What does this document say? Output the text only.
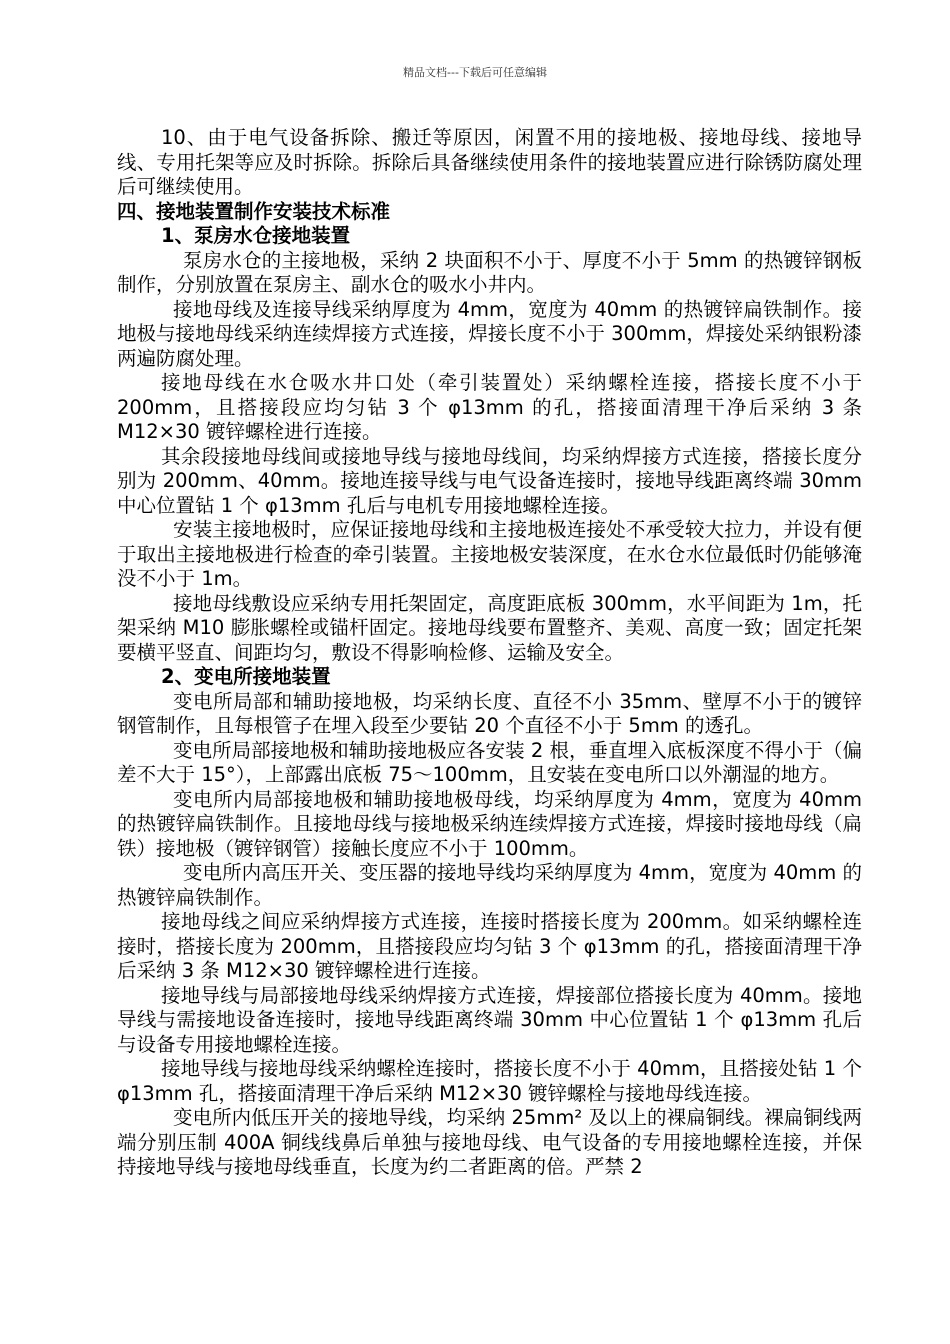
精品文档---下载后可任意编辑

10、由于电气设备拆除、搬迁等原因，闲置不用的接地极、接地母线、接地导线、专用托架等应及时拆除。拆除后具备继续使用条件的接地装置应进行除锈防腐处理后可继续使用。

四、接地装置制作安装技术标准

1、泵房水仓接地装置

泵房水仓的主接地极，采纳 2 块面积不小于、厚度不小于 5mm 的热镀锌钢板制作，分别放置在泵房主、副水仓的吸水小井内。

接地母线及连接导线采纳厚度为 4mm，宽度为 40mm 的热镀锌扁铁制作。接地极与接地母线采纳连续焊接方式连接，焊接长度不小于 300mm，焊接处采纳银粉漆两遍防腐处理。

接地母线在水仓吸水井口处（牵引装置处）采纳螺栓连接，搭接长度不小于 200mm，且搭接段应均匀钻 3 个 φ13mm 的孔，搭接面清理干净后采纳 3 条 M12×30 镀锌螺栓进行连接。

其余段接地母线间或接地导线与接地母线间，均采纳焊接方式连接，搭接长度分别为 200mm、40mm。接地连接导线与电气设备连接时，接地导线距离终端 30mm 中心位置钻 1 个 φ13mm 孔后与电机专用接地螺栓连接。

安装主接地极时，应保证接地母线和主接地极连接处不承受较大拉力，并设有便于取出主接地极进行检查的牵引装置。主接地极安装深度，在水仓水位最低时仍能够淹没不小于 1m。

接地母线敷设应采纳专用托架固定，高度距底板 300mm，水平间距为 1m，托架采纳 M10 膨胀螺栓或锚杆固定。接地母线要布置整齐、美观、高度一致；固定托架要横平竖直、间距均匀，敷设不得影响检修、运输及安全。

2、变电所接地装置

变电所局部和辅助接地极，均采纳长度、直径不小 35mm、壁厚不小于的镀锌钢管制作，且每根管子在埋入段至少要钻 20 个直径不小于 5mm 的透孔。

变电所局部接地极和辅助接地极应各安装 2 根，垂直埋入底板深度不得小于（偏差不大于 15°），上部露出底板 75～100mm，且安装在变电所口以外潮湿的地方。

变电所内局部接地极和辅助接地极母线，均采纳厚度为 4mm，宽度为 40mm 的热镀锌扁铁制作。且接地母线与接地极采纳连续焊接方式连接，焊接时接地母线（扁铁）接地极（镀锌钢管）接触长度应不小于 100mm。

变电所内高压开关、变压器的接地导线均采纳厚度为 4mm，宽度为 40mm 的热镀锌扁铁制作。

接地母线之间应采纳焊接方式连接，连接时搭接长度为 200mm。如采纳螺栓连接时，搭接长度为 200mm，且搭接段应均匀钻 3 个 φ13mm 的孔，搭接面清理干净后采纳 3 条 M12×30 镀锌螺栓进行连接。

接地导线与局部接地母线采纳焊接方式连接，焊接部位搭接长度为 40mm。接地导线与需接地设备连接时，接地导线距离终端 30mm 中心位置钻 1 个 φ13mm 孔后与设备专用接地螺栓连接。

接地导线与接地母线采纳螺栓连接时，搭接长度不小于 40mm，且搭接处钻 1 个 φ13mm 孔，搭接面清理干净后采纳 M12×30 镀锌螺栓与接地母线连接。

变电所内低压开关的接地导线，均采纳 25mm² 及以上的裸扁铜线。裸扁铜线两端分别压制 400A 铜线线鼻后单独与接地母线、电气设备的专用接地螺栓连接，并保持接地导线与接地母线垂直，长度为约二者距离的倍。严禁 2
